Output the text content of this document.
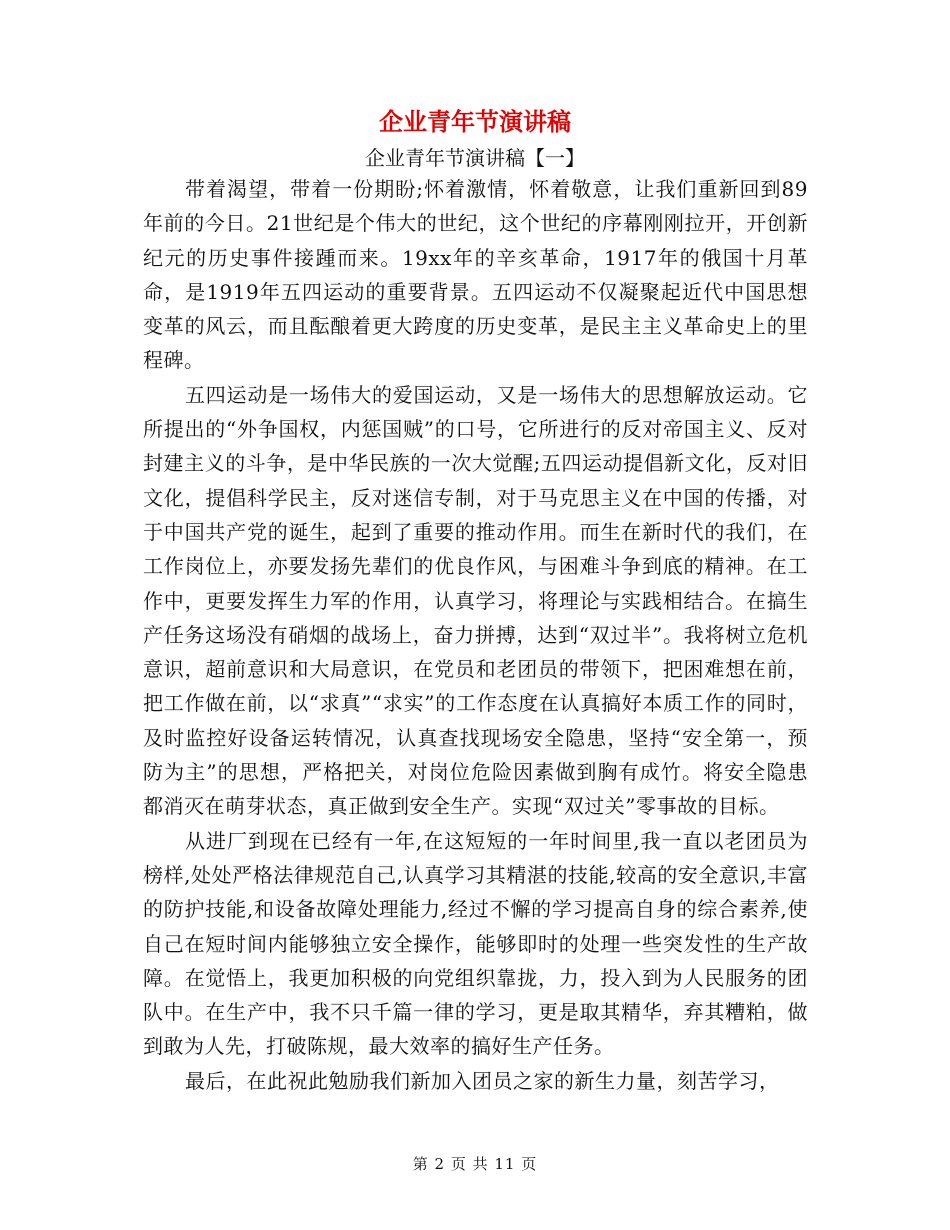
企业青年节演讲稿
企业青年节演讲稿【一】

带着渴望，带着一份期盼;怀着激情，怀着敬意，让我们重新回到89年前的今日。21世纪是个伟大的世纪，这个世纪的序幕刚刚拉开，开创新纪元的历史事件接踵而来。19xx年的辛亥革命，1917年的俄国十月革命，是1919年五四运动的重要背景。五四运动不仅凝聚起近代中国思想变革的风云，而且酝酿着更大跨度的历史变革，是民主主义革命史上的里程碑。

五四运动是一场伟大的爱国运动，又是一场伟大的思想解放运动。它所提出的“外争国权，内惩国贼”的口号，它所进行的反对帝国主义、反对封建主义的斗争，是中华民族的一次大觉醒;五四运动提倡新文化，反对旧文化，提倡科学民主，反对迷信专制，对于马克思主义在中国的传播，对于中国共产党的诞生，起到了重要的推动作用。而生在新时代的我们，在工作岗位上，亦要发扬先辈们的优良作风，与困难斗争到底的精神。在工作中，更要发挥生力军的作用，认真学习，将理论与实践相结合。在搞生产任务这场没有硝烟的战场上，奋力拼搏，达到“双过半”。我将树立危机意识，超前意识和大局意识，在党员和老团员的带领下，把困难想在前，把工作做在前，以“求真”“求实”的工作态度在认真搞好本质工作的同时，及时监控好设备运转情况，认真查找现场安全隐患，坚持“安全第一，预防为主”的思想，严格把关，对岗位危险因素做到胸有成竹。将安全隐患都消灭在萌芽状态，真正做到安全生产。实现“双过关”零事故的目标。

从进厂到现在已经有一年,在这短短的一年时间里,我一直以老团员为榜样,处处严格法律规范自己,认真学习其精湛的技能,较高的安全意识,丰富的防护技能,和设备故障处理能力,经过不懈的学习提高自身的综合素养,使自己在短时间内能够独立安全操作，能够即时的处理一些突发性的生产故障。在觉悟上，我更加积极的向党组织靠拢，力，投入到为人民服务的团队中。在生产中，我不只千篇一律的学习，更是取其精华，弃其糟粕，做到敢为人先，打破陈规，最大效率的搞好生产任务。

最后，在此祝此勉励我们新加入团员之家的新生力量，刻苦学习，

第 2 页 共 11 页
